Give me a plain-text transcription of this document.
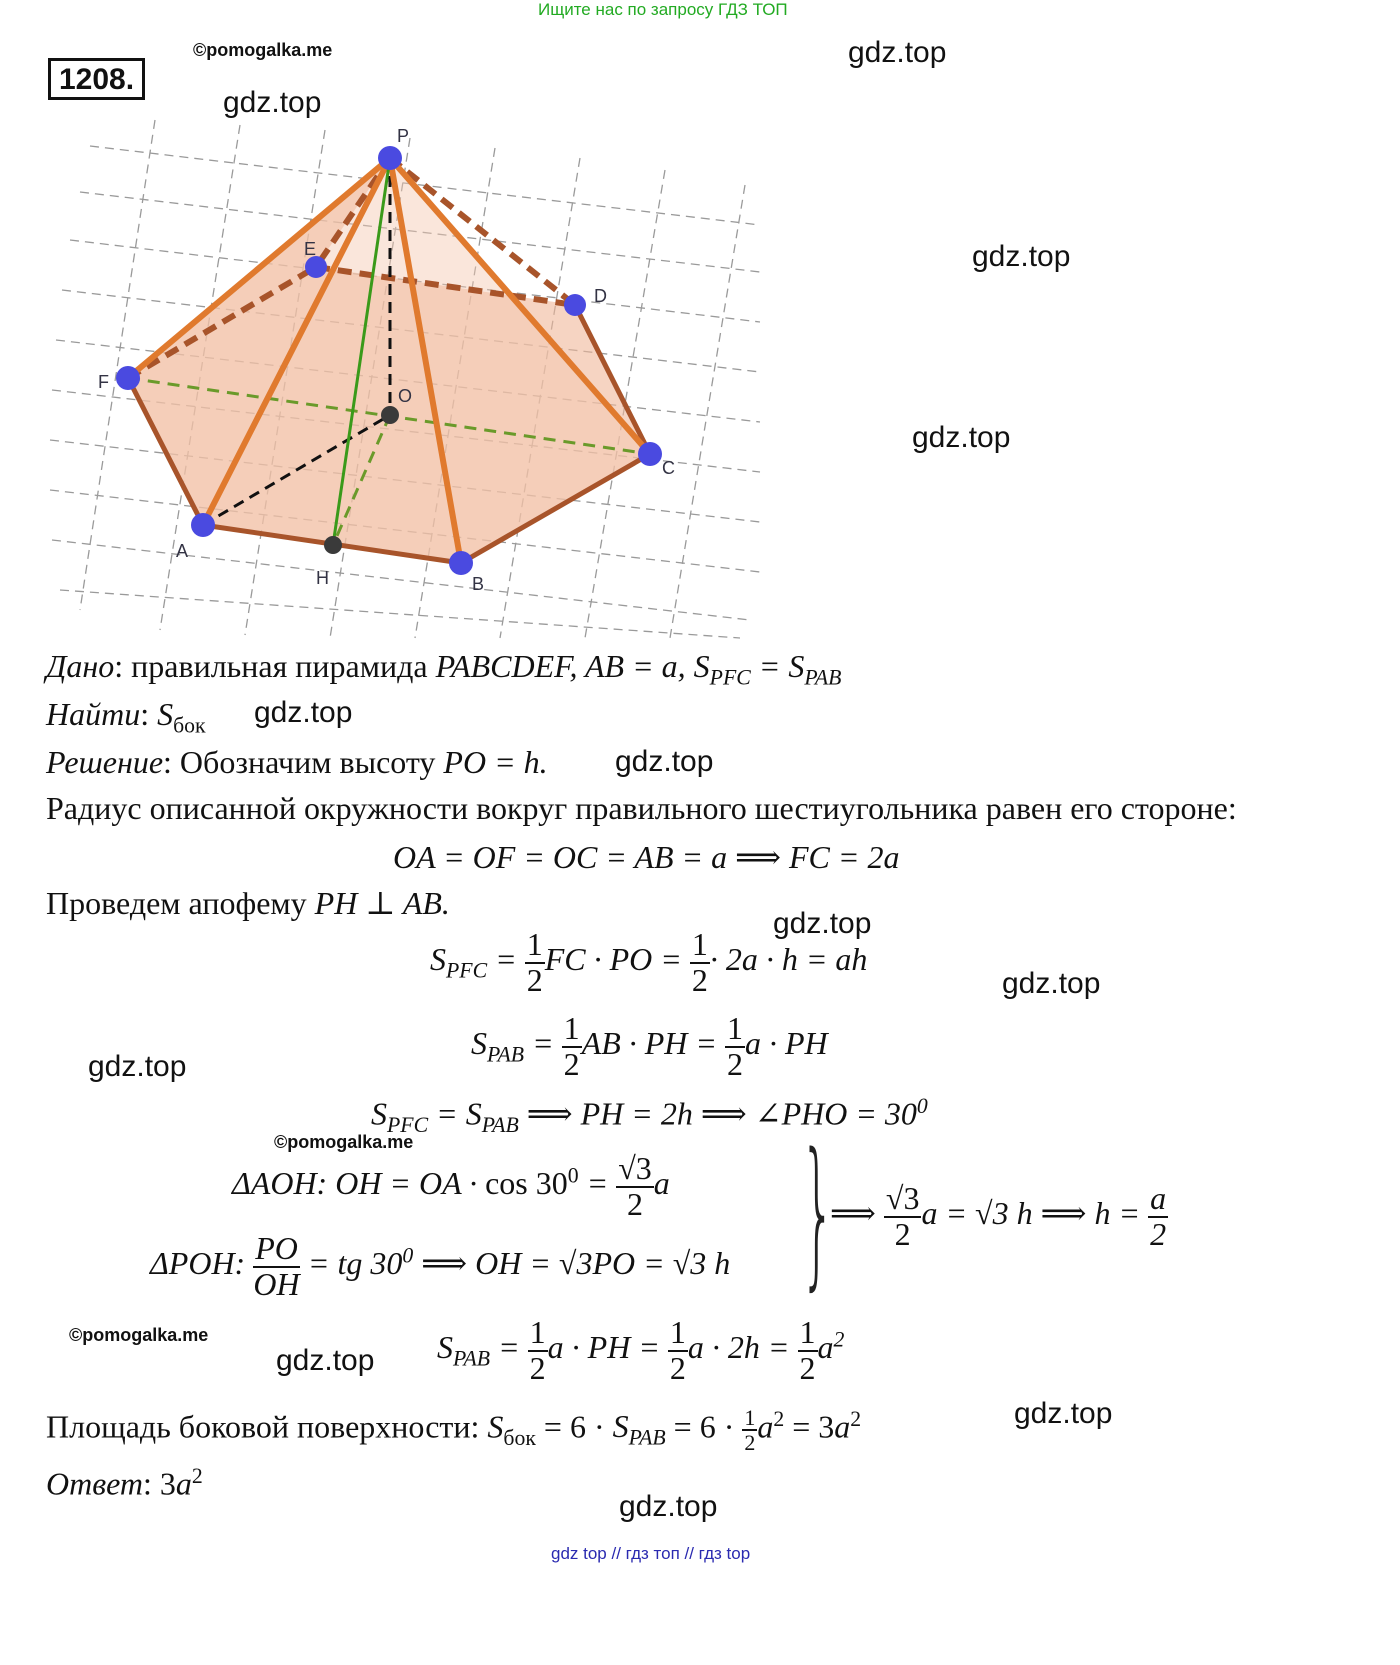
Ищите нас по запросу ГДЗ ТОП
1208.
©pomogalka.me	gdz.top
gdz.top
gdz.top
gdz.top
gdz.top
gdz.top
gdz.top
gdz.top
gdz.top
gdz.top
gdz.top
gdz.top
©pomogalka.me
©pomogalka.me
P
E
D
F
O
C
A
H	B
Дано: правильная пирамида PABCDEF, AB = a, $S_{PFC} = S_{PAB}$
Найти: $S_{бок}$
Решение: Обозначим высоту PO = h.
Радиус описанной окружности вокруг правильного шестиугольника равен его стороне:
OA = OF = OC = AB = a ⟹ FC = 2a
Проведем апофему PH ⊥ AB.
$S_{PFC} = \frac{1}{2}$ FC · PO = $\frac{1}{2} \cdot 2a \cdot h$ = ah
$S_{PAB} = \frac{1}{2}$ AB · PH = $\frac{1}{2}$ a · PH
$S_{PFC} = S_{PAB}$ ⟹ PH = 2h ⟹ ∠PHO = $30^0$
ΔAOH: OH = OA · $\cos 30^0 = \frac{√3}{2}$ a
ΔPOH: $\frac{PO}{OH}$ = tg $30^0$ ⟹ OH = √3PO = √3 h }
⟹ $\frac{√3}{2}$ a = √3 h ⟹ $h = \frac{a}{2}$
$S_{PAB} = \frac{1}{2}$ a · PH = $\frac{1}{2}$ $a \cdot 2h = \frac{1}{2} a^2$
Площадь боковой поверхности: $S_{бок} = 6 \cdot S_{PAB} = 6 \cdot \frac{1}{2} a^2 = 3a^2$
Ответ: $3a^2$
gdz top // гдз топ // гдз top
